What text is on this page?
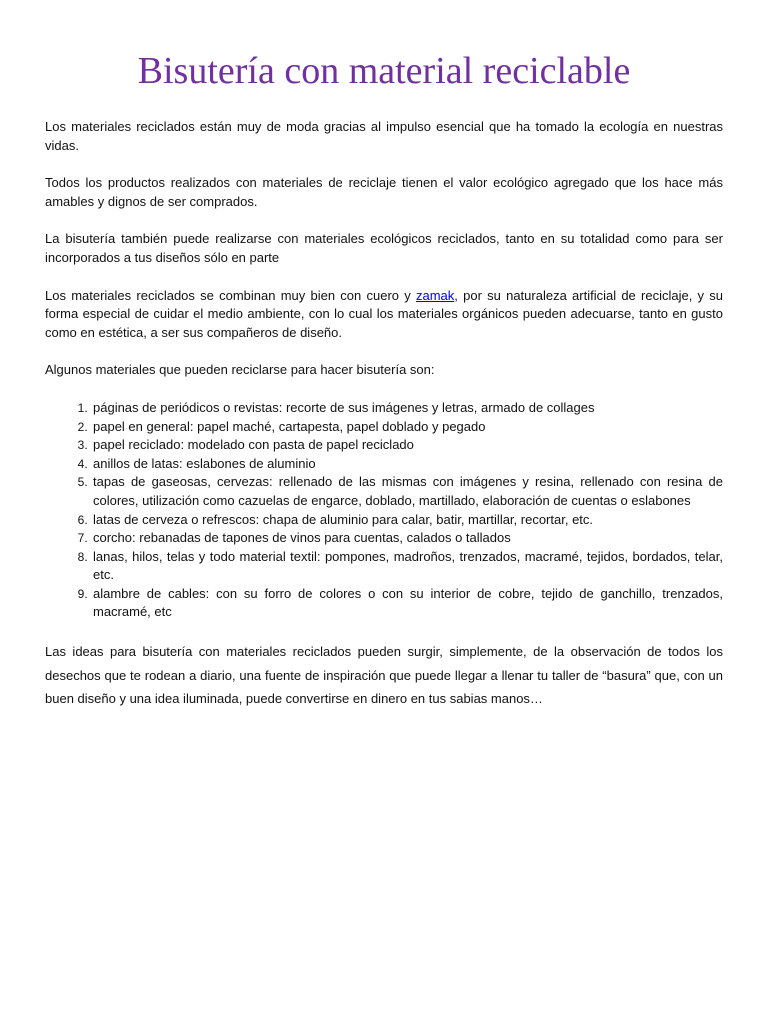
Bisutería con material reciclable

Los materiales reciclados están muy de moda gracias al impulso esencial que ha tomado la ecología en nuestras vidas.

Todos los productos realizados con materiales de reciclaje tienen el valor ecológico agregado que los hace más amables y dignos de ser comprados.

La bisutería también puede realizarse con materiales ecológicos reciclados, tanto en su totalidad como para ser incorporados a tus diseños sólo en parte

Los materiales reciclados se combinan muy bien con cuero y zamak, por su naturaleza artificial de reciclaje, y su forma especial de cuidar el medio ambiente, con lo cual los materiales orgánicos pueden adecuarse, tanto en gusto como en estética, a ser sus compañeros de diseño.

Algunos materiales que pueden reciclarse para hacer bisutería son:

1. páginas de periódicos o revistas: recorte de sus imágenes y letras, armado de collages
2. papel en general: papel maché, cartapesta, papel doblado y pegado
3. papel reciclado: modelado con pasta de papel reciclado
4. anillos de latas: eslabones de aluminio
5. tapas de gaseosas, cervezas: rellenado de las mismas con imágenes y resina, rellenado con resina de colores, utilización como cazuelas de engarce, doblado, martillado, elaboración de cuentas o eslabones
6. latas de cerveza o refrescos: chapa de aluminio para calar, batir, martillar, recortar, etc.
7. corcho: rebanadas de tapones de vinos para cuentas, calados o tallados
8. lanas, hilos, telas y todo material textil: pompones, madroños, trenzados, macramé, tejidos, bordados, telar, etc.
9. alambre de cables: con su forro de colores o con su interior de cobre, tejido de ganchillo, trenzados, macramé, etc

Las ideas para bisutería con materiales reciclados pueden surgir, simplemente, de la observación de todos los desechos que te rodean a diario, una fuente de inspiración que puede llegar a llenar tu taller de “basura” que, con un buen diseño y una idea iluminada, puede convertirse en dinero en tus sabias manos…
